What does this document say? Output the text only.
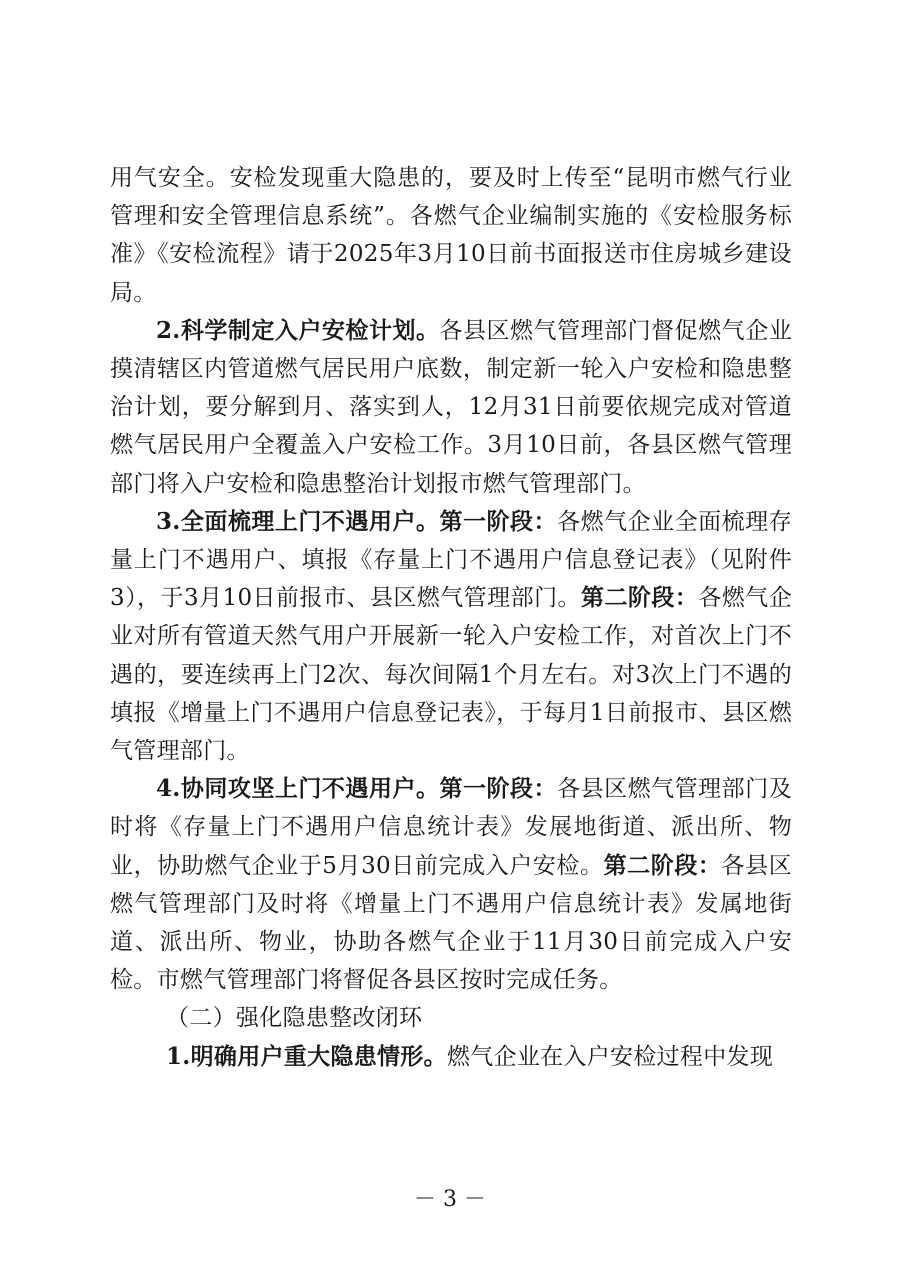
用气安全。安检发现重大隐患的，要及时上传至“昆明市燃气行业管理和安全管理信息系统”。各燃气企业编制实施的《安检服务标准》《安检流程》请于2025年3月10日前书面报送市住房城乡建设局。

2.科学制定入户安检计划。各县区燃气管理部门督促燃气企业摸清辖区内管道燃气居民用户底数，制定新一轮入户安检和隐患整治计划，要分解到月、落实到人，12月31日前要依规完成对管道燃气居民用户全覆盖入户安检工作。3月10日前，各县区燃气管理部门将入户安检和隐患整治计划报市燃气管理部门。

3.全面梳理上门不遇用户。第一阶段：各燃气企业全面梳理存量上门不遇用户、填报《存量上门不遇用户信息登记表》（见附件3），于3月10日前报市、县区燃气管理部门。第二阶段：各燃气企业对所有管道天然气用户开展新一轮入户安检工作，对首次上门不遇的，要连续再上门2次、每次间隔1个月左右。对3次上门不遇的填报《增量上门不遇用户信息登记表》，于每月1日前报市、县区燃气管理部门。

4.协同攻坚上门不遇用户。第一阶段：各县区燃气管理部门及时将《存量上门不遇用户信息统计表》发展地街道、派出所、物业，协助燃气企业于5月30日前完成入户安检。第二阶段：各县区燃气管理部门及时将《增量上门不遇用户信息统计表》发属地街道、派出所、物业，协助各燃气企业于11月30日前完成入户安检。市燃气管理部门将督促各县区按时完成任务。

（二）强化隐患整改闭环

1.明确用户重大隐患情形。燃气企业在入户安检过程中发现

－ 3 －
